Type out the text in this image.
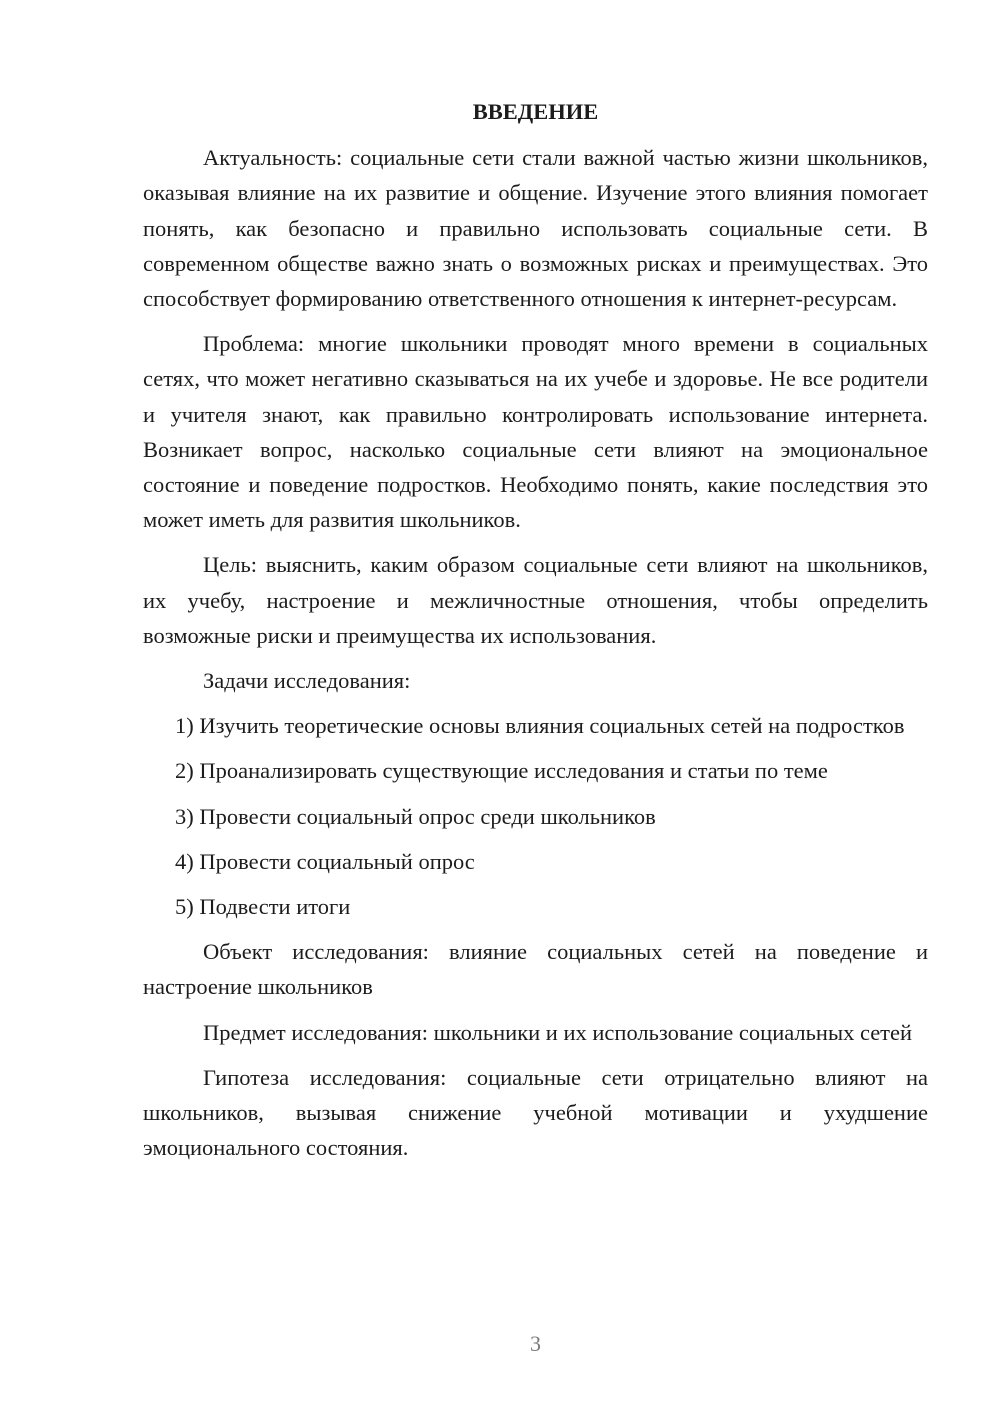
ВВЕДЕНИЕ

Актуальность: социальные сети стали важной частью жизни школьников, оказывая влияние на их развитие и общение. Изучение этого влияния помогает понять, как безопасно и правильно использовать социальные сети. В современном обществе важно знать о возможных рисках и преимуществах. Это способствует формированию ответственного отношения к интернет-ресурсам.

Проблема: многие школьники проводят много времени в социальных сетях, что может негативно сказываться на их учебе и здоровье. Не все родители и учителя знают, как правильно контролировать использование интернета. Возникает вопрос, насколько социальные сети влияют на эмоциональное состояние и поведение подростков. Необходимо понять, какие последствия это может иметь для развития школьников.

Цель: выяснить, каким образом социальные сети влияют на школьников, их учебу, настроение и межличностные отношения, чтобы определить возможные риски и преимущества их использования.

Задачи исследования:

1) Изучить теоретические основы влияния социальных сетей на подростков

2) Проанализировать существующие исследования и статьи по теме

3) Провести социальный опрос среди школьников

4) Провести социальный опрос

5) Подвести итоги

Объект исследования: влияние социальных сетей на поведение и настроение школьников

Предмет исследования: школьники и их использование социальных сетей

Гипотеза исследования: социальные сети отрицательно влияют на школьников, вызывая снижение учебной мотивации и ухудшение эмоционального состояния.

3
